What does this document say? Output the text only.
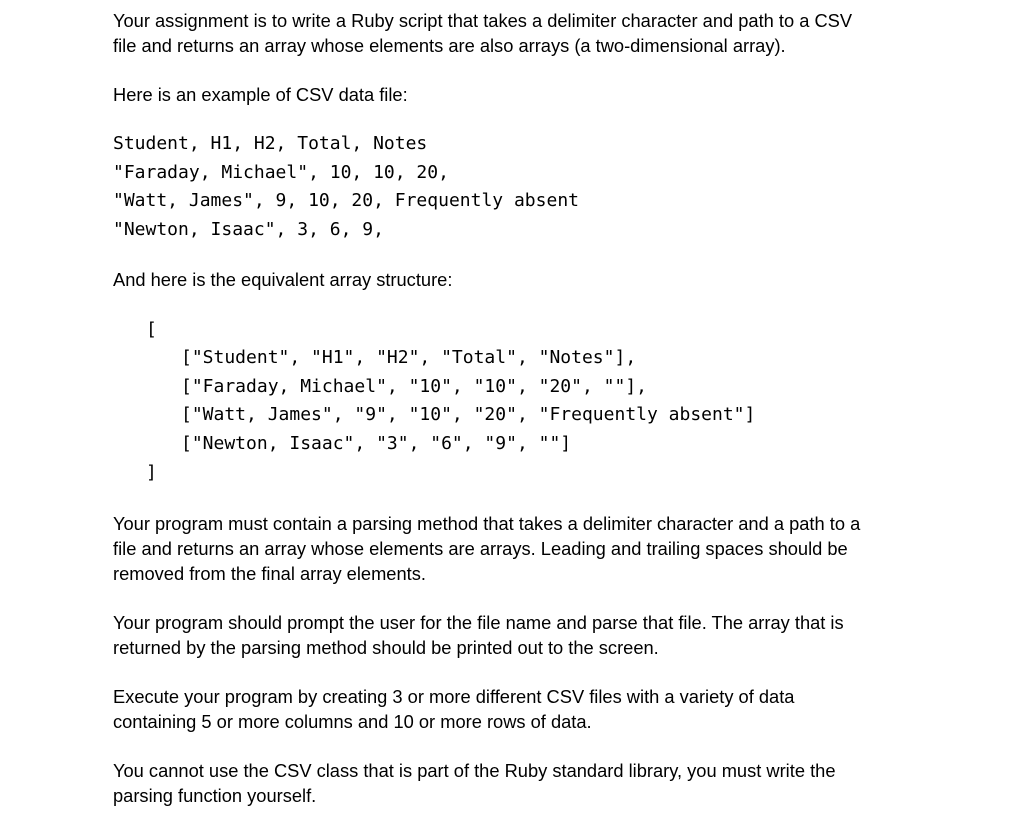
Your assignment is to write a Ruby script that takes a delimiter character and path to a CSV
file and returns an array whose elements are also arrays (a two-dimensional array).

Here is an example of CSV data file:

Student, H1, H2, Total, Notes
"Faraday, Michael", 10, 10, 20,
"Watt, James", 9, 10, 20, Frequently absent
"Newton, Isaac", 3, 6, 9,

And here is the equivalent array structure:

[
["Student", "H1", "H2", "Total", "Notes"],
["Faraday, Michael", "10", "10", "20", ""],
["Watt, James", "9", "10", "20", "Frequently absent"]
["Newton, Isaac", "3", "6", "9", ""]
]

Your program must contain a parsing method that takes a delimiter character and a path to a
file and returns an array whose elements are arrays. Leading and trailing spaces should be
removed from the final array elements.

Your program should prompt the user for the file name and parse that file. The array that is
returned by the parsing method should be printed out to the screen.

Execute your program by creating 3 or more different CSV files with a variety of data
containing 5 or more columns and 10 or more rows of data.

You cannot use the CSV class that is part of the Ruby standard library, you must write the
parsing function yourself.
